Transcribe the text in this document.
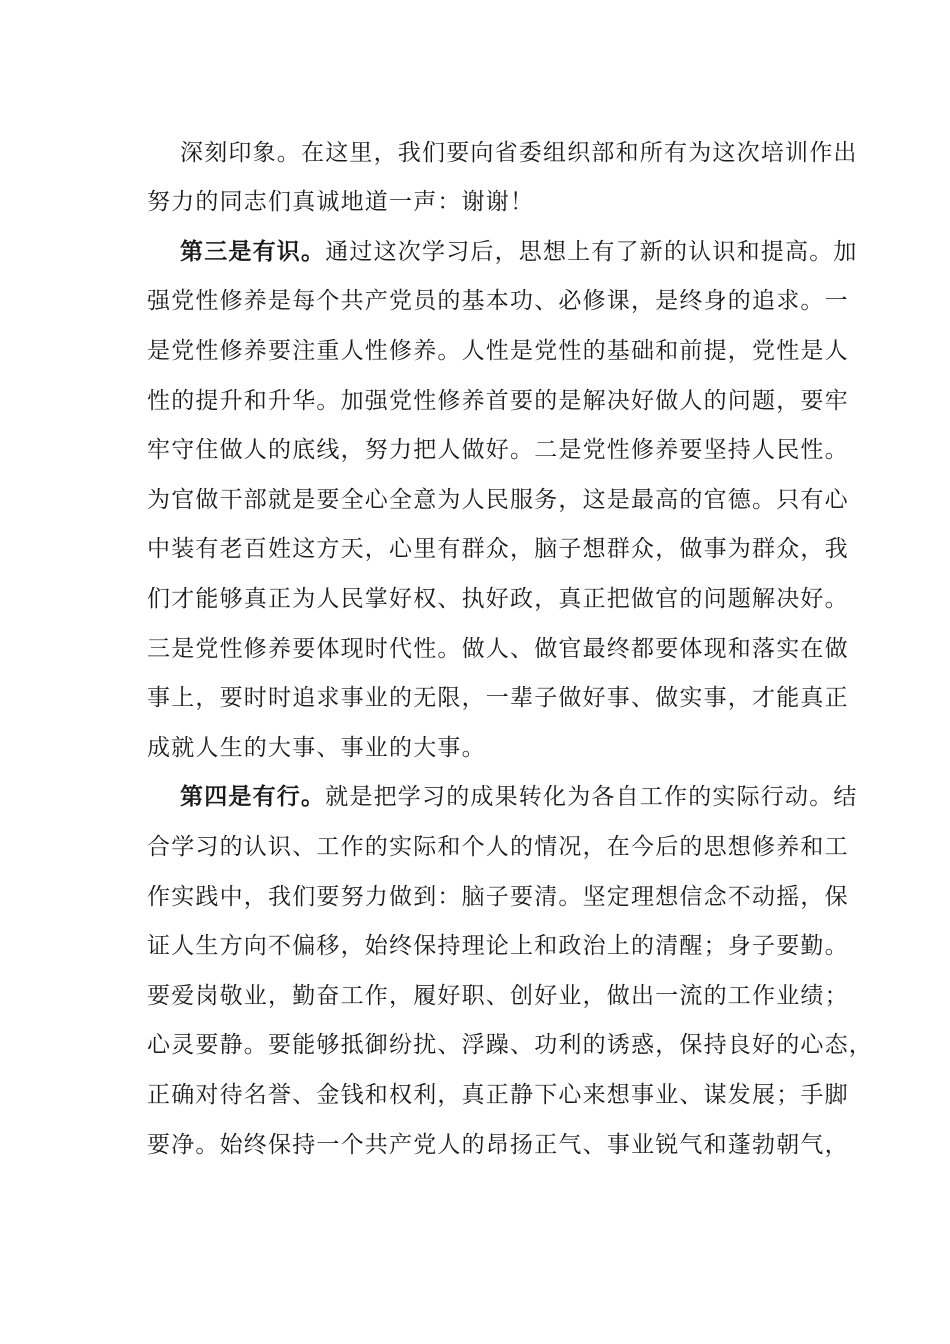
深刻印象。在这里，我们要向省委组织部和所有为这次培训作出
努力的同志们真诚地道一声：谢谢！
第三是有识。通过这次学习后，思想上有了新的认识和提高。加
强党性修养是每个共产党员的基本功、必修课，是终身的追求。一
是党性修养要注重人性修养。人性是党性的基础和前提，党性是人
性的提升和升华。加强党性修养首要的是解决好做人的问题，要牢
牢守住做人的底线，努力把人做好。二是党性修养要坚持人民性。
为官做干部就是要全心全意为人民服务，这是最高的官德。只有心
中装有老百姓这方天，心里有群众，脑子想群众，做事为群众，我
们才能够真正为人民掌好权、执好政，真正把做官的问题解决好。
三是党性修养要体现时代性。做人、做官最终都要体现和落实在做
事上，要时时追求事业的无限，一辈子做好事、做实事，才能真正
成就人生的大事、事业的大事。
第四是有行。就是把学习的成果转化为各自工作的实际行动。结
合学习的认识、工作的实际和个人的情况，在今后的思想修养和工
作实践中，我们要努力做到：脑子要清。坚定理想信念不动摇，保
证人生方向不偏移，始终保持理论上和政治上的清醒；身子要勤。
要爱岗敬业，勤奋工作，履好职、创好业，做出一流的工作业绩；
心灵要静。要能够抵御纷扰、浮躁、功利的诱惑，保持良好的心态，
正确对待名誉、金钱和权利，真正静下心来想事业、谋发展；手脚
要净。始终保持一个共产党人的昂扬正气、事业锐气和蓬勃朝气，
